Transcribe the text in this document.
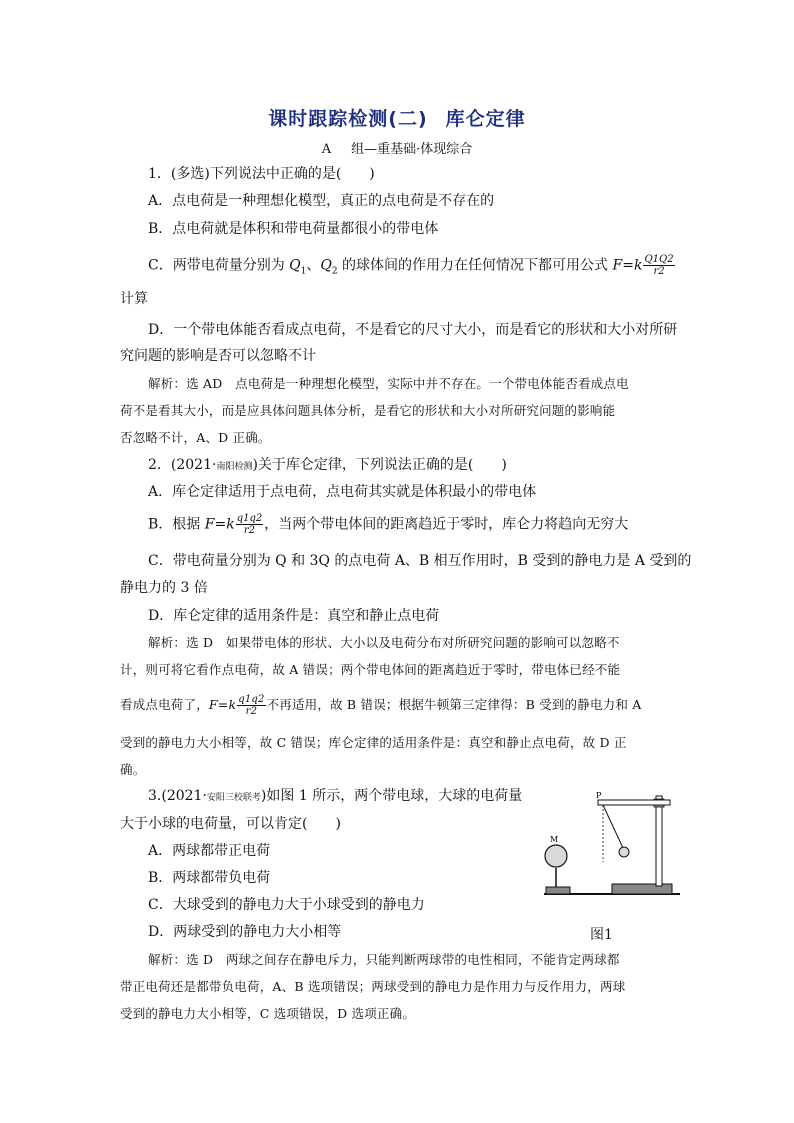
课时跟踪检测(二) 库仑定律
A 组—重基础·体现综合
1．(多选)下列说法中正确的是(　　)
A．点电荷是一种理想化模型，真正的点电荷是不存在的
B．点电荷就是体积和带电荷量都很小的带电体
C．两带电荷量分别为 $Q_1$、$Q_2$ 的球体间的作用力在任何情况下都可用公式 $F=k \frac{Q1Q2}{r2}$
计算
D．一个带电体能否看成点电荷，不是看它的尺寸大小，而是看它的形状和大小对所研
究问题的影响是否可以忽略不计
解析：选 AD　点电荷是一种理想化模型，实际中并不存在。一个带电体能否看成点电
荷不是看其大小，而是应具体问题具体分析，是看它的形状和大小对所研究问题的影响能
否忽略不计，A、D 正确。
2．(2021·南阳检测)关于库仑定律，下列说法正确的是(　　)
A．库仑定律适用于点电荷，点电荷其实就是体积最小的带电体
B．根据 $F=k \frac{q1q2}{r2}$ ，当两个带电体间的距离趋近于零时，库仑力将趋向无穷大
C．带电荷量分别为 Q 和 3Q 的点电荷 A、B 相互作用时，B 受到的静电力是 A 受到的
静电力的 3 倍
D．库仑定律的适用条件是：真空和静止点电荷
解析：选 D　如果带电体的形状、大小以及电荷分布对所研究问题的影响可以忽略不
计，则可将它看作点电荷，故 A 错误；两个带电体间的距离趋近于零时，带电体已经不能
看成点电荷了，$F=k \frac{q1q2}{r2}$ 不再适用，故 B 错误；根据牛顿第三定律得：B 受到的静电力和 A
受到的静电力大小相等，故 C 错误；库仑定律的适用条件是：真空和静止点电荷，故 D 正
确。
3.(2021·安阳三校联考)如图 1 所示，两个带电球，大球的电荷量
大于小球的电荷量，可以肯定(　　)
A．两球都带正电荷
B．两球都带负电荷
C．大球受到的静电力大于小球受到的静电力
D．两球受到的静电力大小相等
M
P
图1
解析：选 D　两球之间存在静电斥力，只能判断两球带的电性相同，不能肯定两球都
带正电荷还是都带负电荷，A、B 选项错误；两球受到的静电力是作用力与反作用力，两球
受到的静电力大小相等，C 选项错误，D 选项正确。
